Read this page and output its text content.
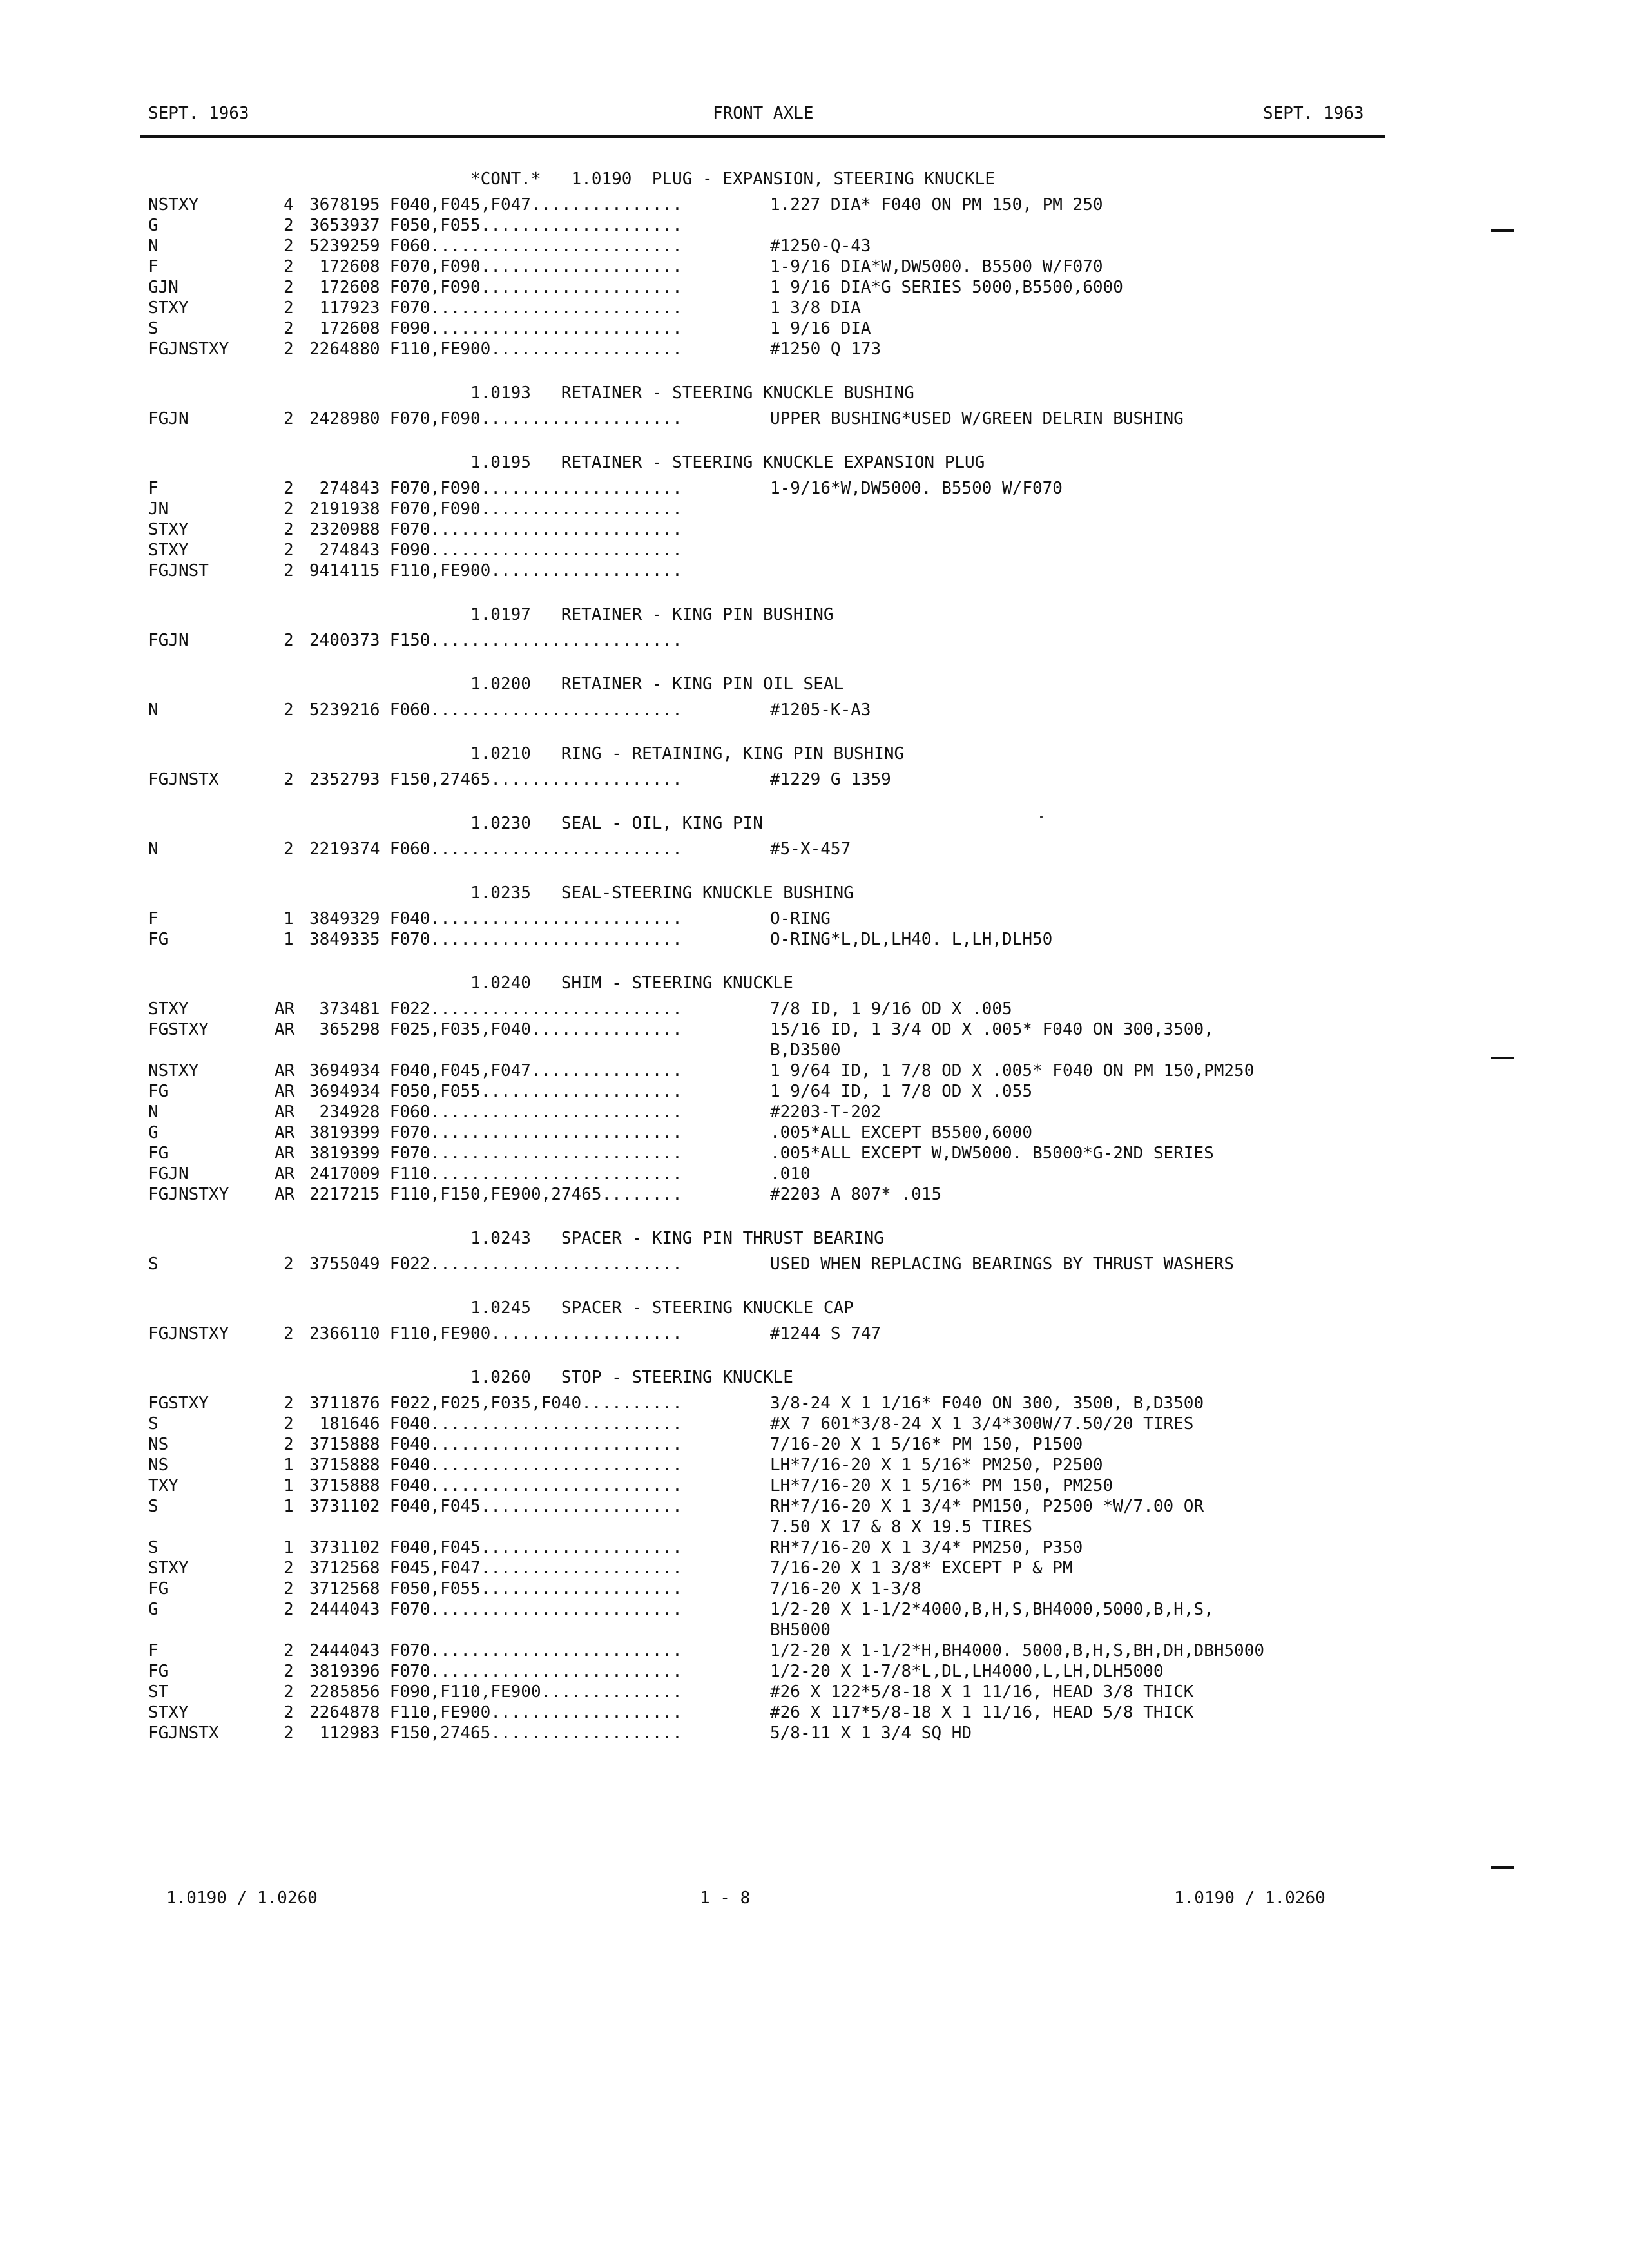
SEPT. 1963	FRONT AXLE	SEPT. 1963
*CONT.*   1.0190  PLUG - EXPANSION, STEERING KNUCKLE
NSTXY	4 3678195 F040,F045,F047...............	1.227 DIA* F040 ON PM 150, PM 250
G	2 3653937 F050,F055....................
N	2 5239259 F060.........................	#1250-Q-43
F	2 172608 F070,F090....................	1-9/16 DIA*W,DW5000. B5500 W/F070
GJN	2 172608 F070,F090....................	1 9/16 DIA*G SERIES 5000,B5500,6000
STXY	2 117923 F070.........................	1 3/8 DIA
S	2 172608 F090.........................	1 9/16 DIA
FGJNSTXY	2 2264880 F110,FE900...................	#1250 Q 173
1.0193   RETAINER - STEERING KNUCKLE BUSHING
FGJN	2 2428980 F070,F090....................	UPPER BUSHING*USED W/GREEN DELRIN BUSHING
1.0195   RETAINER - STEERING KNUCKLE EXPANSION PLUG
F	2 274843 F070,F090....................	1-9/16*W,DW5000. B5500 W/F070
JN	2 2191938 F070,F090....................
STXY	2 2320988 F070.........................
STXY	2 274843 F090.........................
FGJNST	2 9414115 F110,FE900...................
1.0197   RETAINER - KING PIN BUSHING
FGJN	2 2400373 F150.........................
1.0200   RETAINER - KING PIN OIL SEAL
N	2 5239216 F060.........................	#1205-K-A3
1.0210   RING - RETAINING, KING PIN BUSHING
FGJNSTX	2 2352793 F150,27465...................	#1229 G 1359
1.0230   SEAL - OIL, KING PIN
N	2 2219374 F060.........................	#5-X-457
1.0235   SEAL-STEERING KNUCKLE BUSHING
F	1 3849329 F040.........................	O-RING
FG	1 3849335 F070.........................	O-RING*L,DL,LH40. L,LH,DLH50
1.0240   SHIM - STEERING KNUCKLE
STXY	AR 373481 F022.........................	7/8 ID, 1 9/16 OD X .005
FGSTXY	AR 365298 F025,F035,F040...............	15/16 ID, 1 3/4 OD X .005* F040 ON 300,3500,
B,D3500
NSTXY	AR 3694934 F040,F045,F047...............	1 9/64 ID, 1 7/8 OD X .005* F040 ON PM 150,PM250
FG	AR 3694934 F050,F055....................	1 9/64 ID, 1 7/8 OD X .055
N	AR 234928 F060.........................	#2203-T-202
G	AR 3819399 F070.........................	.005*ALL EXCEPT B5500,6000
FG	AR 3819399 F070.........................	.005*ALL EXCEPT W,DW5000. B5000*G-2ND SERIES
FGJN	AR 2417009 F110.........................	.010
FGJNSTXY	AR 2217215 F110,F150,FE900,27465........	#2203 A 807* .015
1.0243   SPACER - KING PIN THRUST BEARING
S	2 3755049 F022.........................	USED WHEN REPLACING BEARINGS BY THRUST WASHERS
1.0245   SPACER - STEERING KNUCKLE CAP
FGJNSTXY	2 2366110 F110,FE900...................	#1244 S 747
1.0260   STOP - STEERING KNUCKLE
FGSTXY	2 3711876 F022,F025,F035,F040..........	3/8-24 X 1 1/16* F040 ON 300, 3500, B,D3500
S	2 181646 F040.........................	#X 7 601*3/8-24 X 1 3/4*300W/7.50/20 TIRES
NS	2 3715888 F040.........................	7/16-20 X 1 5/16* PM 150, P1500
NS	1 3715888 F040.........................	LH*7/16-20 X 1 5/16* PM250, P2500
TXY	1 3715888 F040.........................	LH*7/16-20 X 1 5/16* PM 150, PM250
S	1 3731102 F040,F045....................	RH*7/16-20 X 1 3/4* PM150, P2500 *W/7.00 OR
7.50 X 17 & 8 X 19.5 TIRES
S	1 3731102 F040,F045....................	RH*7/16-20 X 1 3/4* PM250, P350
STXY	2 3712568 F045,F047....................	7/16-20 X 1 3/8* EXCEPT P & PM
FG	2 3712568 F050,F055....................	7/16-20 X 1-3/8
G	2 2444043 F070.........................	1/2-20 X 1-1/2*4000,B,H,S,BH4000,5000,B,H,S,
BH5000
F	2 2444043 F070.........................	1/2-20 X 1-1/2*H,BH4000. 5000,B,H,S,BH,DH,DBH5000
FG	2 3819396 F070.........................	1/2-20 X 1-7/8*L,DL,LH4000,L,LH,DLH5000
ST	2 2285856 F090,F110,FE900..............	#26 X 122*5/8-18 X 1 11/16, HEAD 3/8 THICK
STXY	2 2264878 F110,FE900...................	#26 X 117*5/8-18 X 1 11/16, HEAD 5/8 THICK
FGJNSTX	2 112983 F150,27465...................	5/8-11 X 1 3/4 SQ HD
1.0190 / 1.0260	1 - 8	1.0190 / 1.0260
